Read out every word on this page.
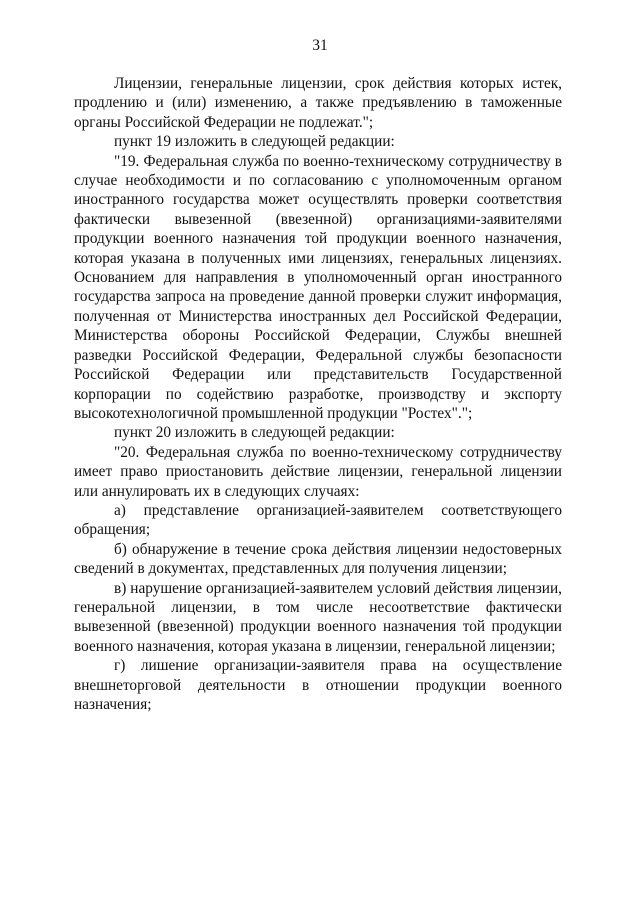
31

Лицензии, генеральные лицензии, срок действия которых истек, продлению и (или) изменению, а также предъявлению в таможенные органы Российской Федерации не подлежат.";

пункт 19 изложить в следующей редакции:

"19. Федеральная служба по военно-техническому сотрудничеству в случае необходимости и по согласованию с уполномоченным органом иностранного государства может осуществлять проверки соответствия фактически вывезенной (ввезенной) организациями-заявителями продукции военного назначения той продукции военного назначения, которая указана в полученных ими лицензиях, генеральных лицензиях. Основанием для направления в уполномоченный орган иностранного государства запроса на проведение данной проверки служит информация, полученная от Министерства иностранных дел Российской Федерации, Министерства обороны Российской Федерации, Службы внешней разведки Российской Федерации, Федеральной службы безопасности Российской Федерации или представительств Государственной корпорации по содействию разработке, производству и экспорту высокотехнологичной промышленной продукции "Ростех".";

пункт 20 изложить в следующей редакции:

"20. Федеральная служба по военно-техническому сотрудничеству имеет право приостановить действие лицензии, генеральной лицензии или аннулировать их в следующих случаях:

а) представление организацией-заявителем соответствующего обращения;

б) обнаружение в течение срока действия лицензии недостоверных сведений в документах, представленных для получения лицензии;

в) нарушение организацией-заявителем условий действия лицензии, генеральной лицензии, в том числе несоответствие фактически вывезенной (ввезенной) продукции военного назначения той продукции военного назначения, которая указана в лицензии, генеральной лицензии;

г) лишение организации-заявителя права на осуществление внешнеторговой деятельности в отношении продукции военного назначения;
